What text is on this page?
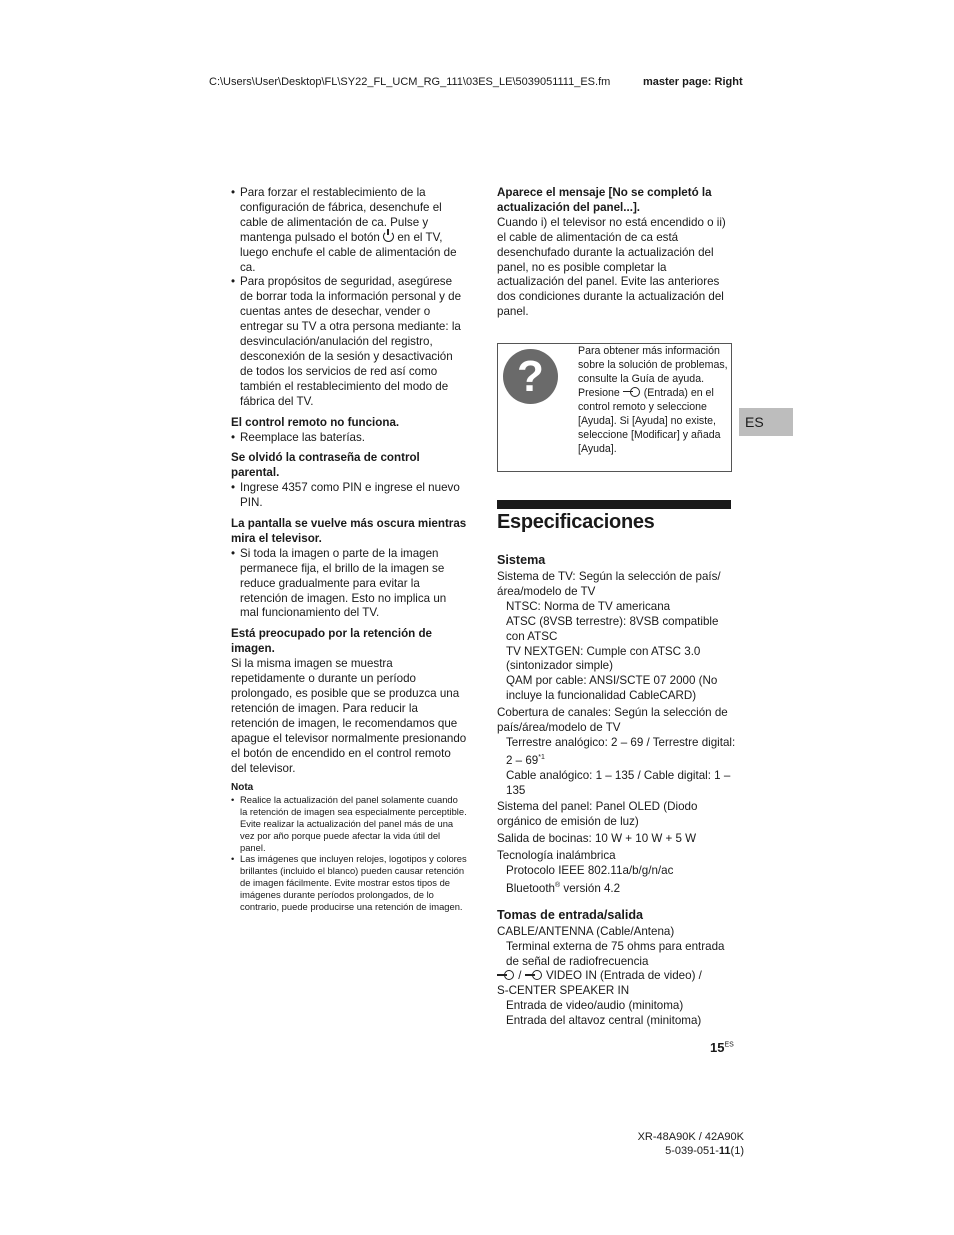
C:\Users\User\Desktop\FL\SY22_FL_UCM_RG_111\03ES_LE\5039051111_ES.fm	master page: Right

• Para forzar el restablecimiento de la configuración de fábrica, desenchufe el cable de alimentación de ca. Pulse y mantenga pulsado el botón en el TV, luego enchufe el cable de alimentación de ca.

• Para propósitos de seguridad, asegúrese de borrar toda la información personal y de cuentas antes de desechar, vender o entregar su TV a otra persona mediante: la desvinculación/anulación del registro, desconexión de la sesión y desactivación de todos los servicios de red así como también el restablecimiento del modo de fábrica del TV.

El control remoto no funciona.

• Reemplace las baterías.

Se olvidó la contraseña de control parental.

• Ingrese 4357 como PIN e ingrese el nuevo PIN.

La pantalla se vuelve más oscura mientras mira el televisor.

• Si toda la imagen o parte de la imagen permanece fija, el brillo de la imagen se reduce gradualmente para evitar la retención de imagen. Esto no implica un mal funcionamiento del TV.

Está preocupado por la retención de imagen.

Si la misma imagen se muestra repetidamente o durante un período prolongado, es posible que se produzca una retención de imagen. Para reducir la retención de imagen, le recomendamos que apague el televisor normalmente presionando el botón de encendido en el control remoto del televisor.

Nota

• Realice la actualización del panel solamente cuando la retención de imagen sea especialmente perceptible. Evite realizar la actualización del panel más de una vez por año porque puede afectar la vida útil del panel.

• Las imágenes que incluyen relojes, logotipos y colores brillantes (incluido el blanco) pueden causar retención de imagen fácilmente. Evite mostrar estos tipos de imágenes durante períodos prolongados, de lo contrario, puede producirse una retención de imagen.

Aparece el mensaje [No se completó la actualización del panel...].

Cuando i) el televisor no está encendido o ii) el cable de alimentación de ca está desenchufado durante la actualización del panel, no es posible completar la actualización del panel. Evite las anteriores dos condiciones durante la actualización del panel.

?

Para obtener más información sobre la solución de problemas, consulte la Guía de ayuda.

Presione (Entrada) en el control remoto y seleccione [Ayuda]. Si [Ayuda] no existe, seleccione [Modificar] y añada [Ayuda].

ES
Especificaciones

Sistema

Sistema de TV: Según la selección de país/área/modelo de TV

NTSC: Norma de TV americana

ATSC (8VSB terrestre): 8VSB compatible con ATSC

TV NEXTGEN: Cumple con ATSC 3.0 (sintonizador simple)

QAM por cable: ANSI/SCTE 07 2000 (No incluye la funcionalidad CableCARD)

Cobertura de canales: Según la selección de país/área/modelo de TV

Terrestre analógico: 2 – 69 / Terrestre digital: 2 – 69$^{*1}$

Cable analógico: 1 – 135 / Cable digital: 1 – 135

Sistema del panel: Panel OLED (Diodo orgánico de emisión de luz)

Salida de bocinas: 10 W + 10 W + 5 W

Tecnología inalámbrica

Protocolo IEEE 802.11a/b/g/n/ac

Bluetooth® versión 4.2

Tomas de entrada/salida

CABLE/ANTENNA (Cable/Antena)

Terminal externa de 75 ohms para entrada de señal de radiofrecuencia

/ VIDEO IN (Entrada de video) /

S-CENTER SPEAKER IN

Entrada de video/audio (minitoma)

Entrada del altavoz central (minitoma)

$15^{ES}$
XR-48A90K / 42A90K
5-039-051-11(1)
